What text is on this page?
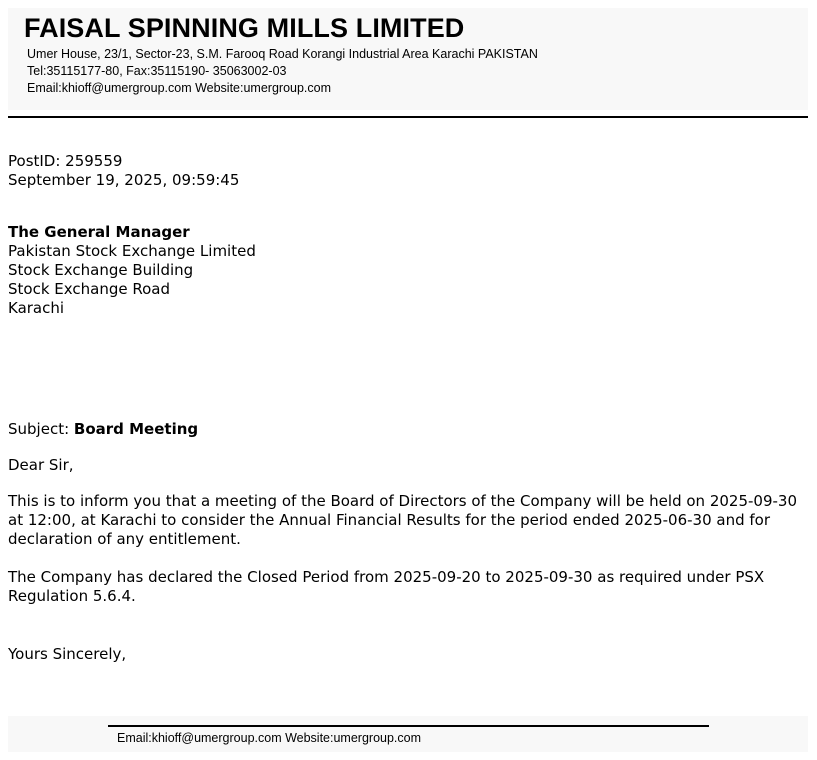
FAISAL SPINNING MILLS LIMITED
Umer House, 23/1, Sector-23, S.M. Farooq Road Korangi Industrial Area Karachi PAKISTAN
Tel:35115177-80, Fax:35115190- 35063002-03
Email:khioff@umergroup.com Website:umergroup.com
PostID: 259559
September 19, 2025, 09:59:45
The General Manager
Pakistan Stock Exchange Limited
Stock Exchange Building
Stock Exchange Road
Karachi
Subject: Board Meeting
Dear Sir,
This is to inform you that a meeting of the Board of Directors of the Company will be held on 2025-09-30 at 12:00, at Karachi to consider the Annual Financial Results for the period ended 2025-06-30 and for declaration of any entitlement.
The Company has declared the Closed Period from 2025-09-20 to 2025-09-30 as required under PSX Regulation 5.6.4.
Yours Sincerely,
Email:khioff@umergroup.com Website:umergroup.com
